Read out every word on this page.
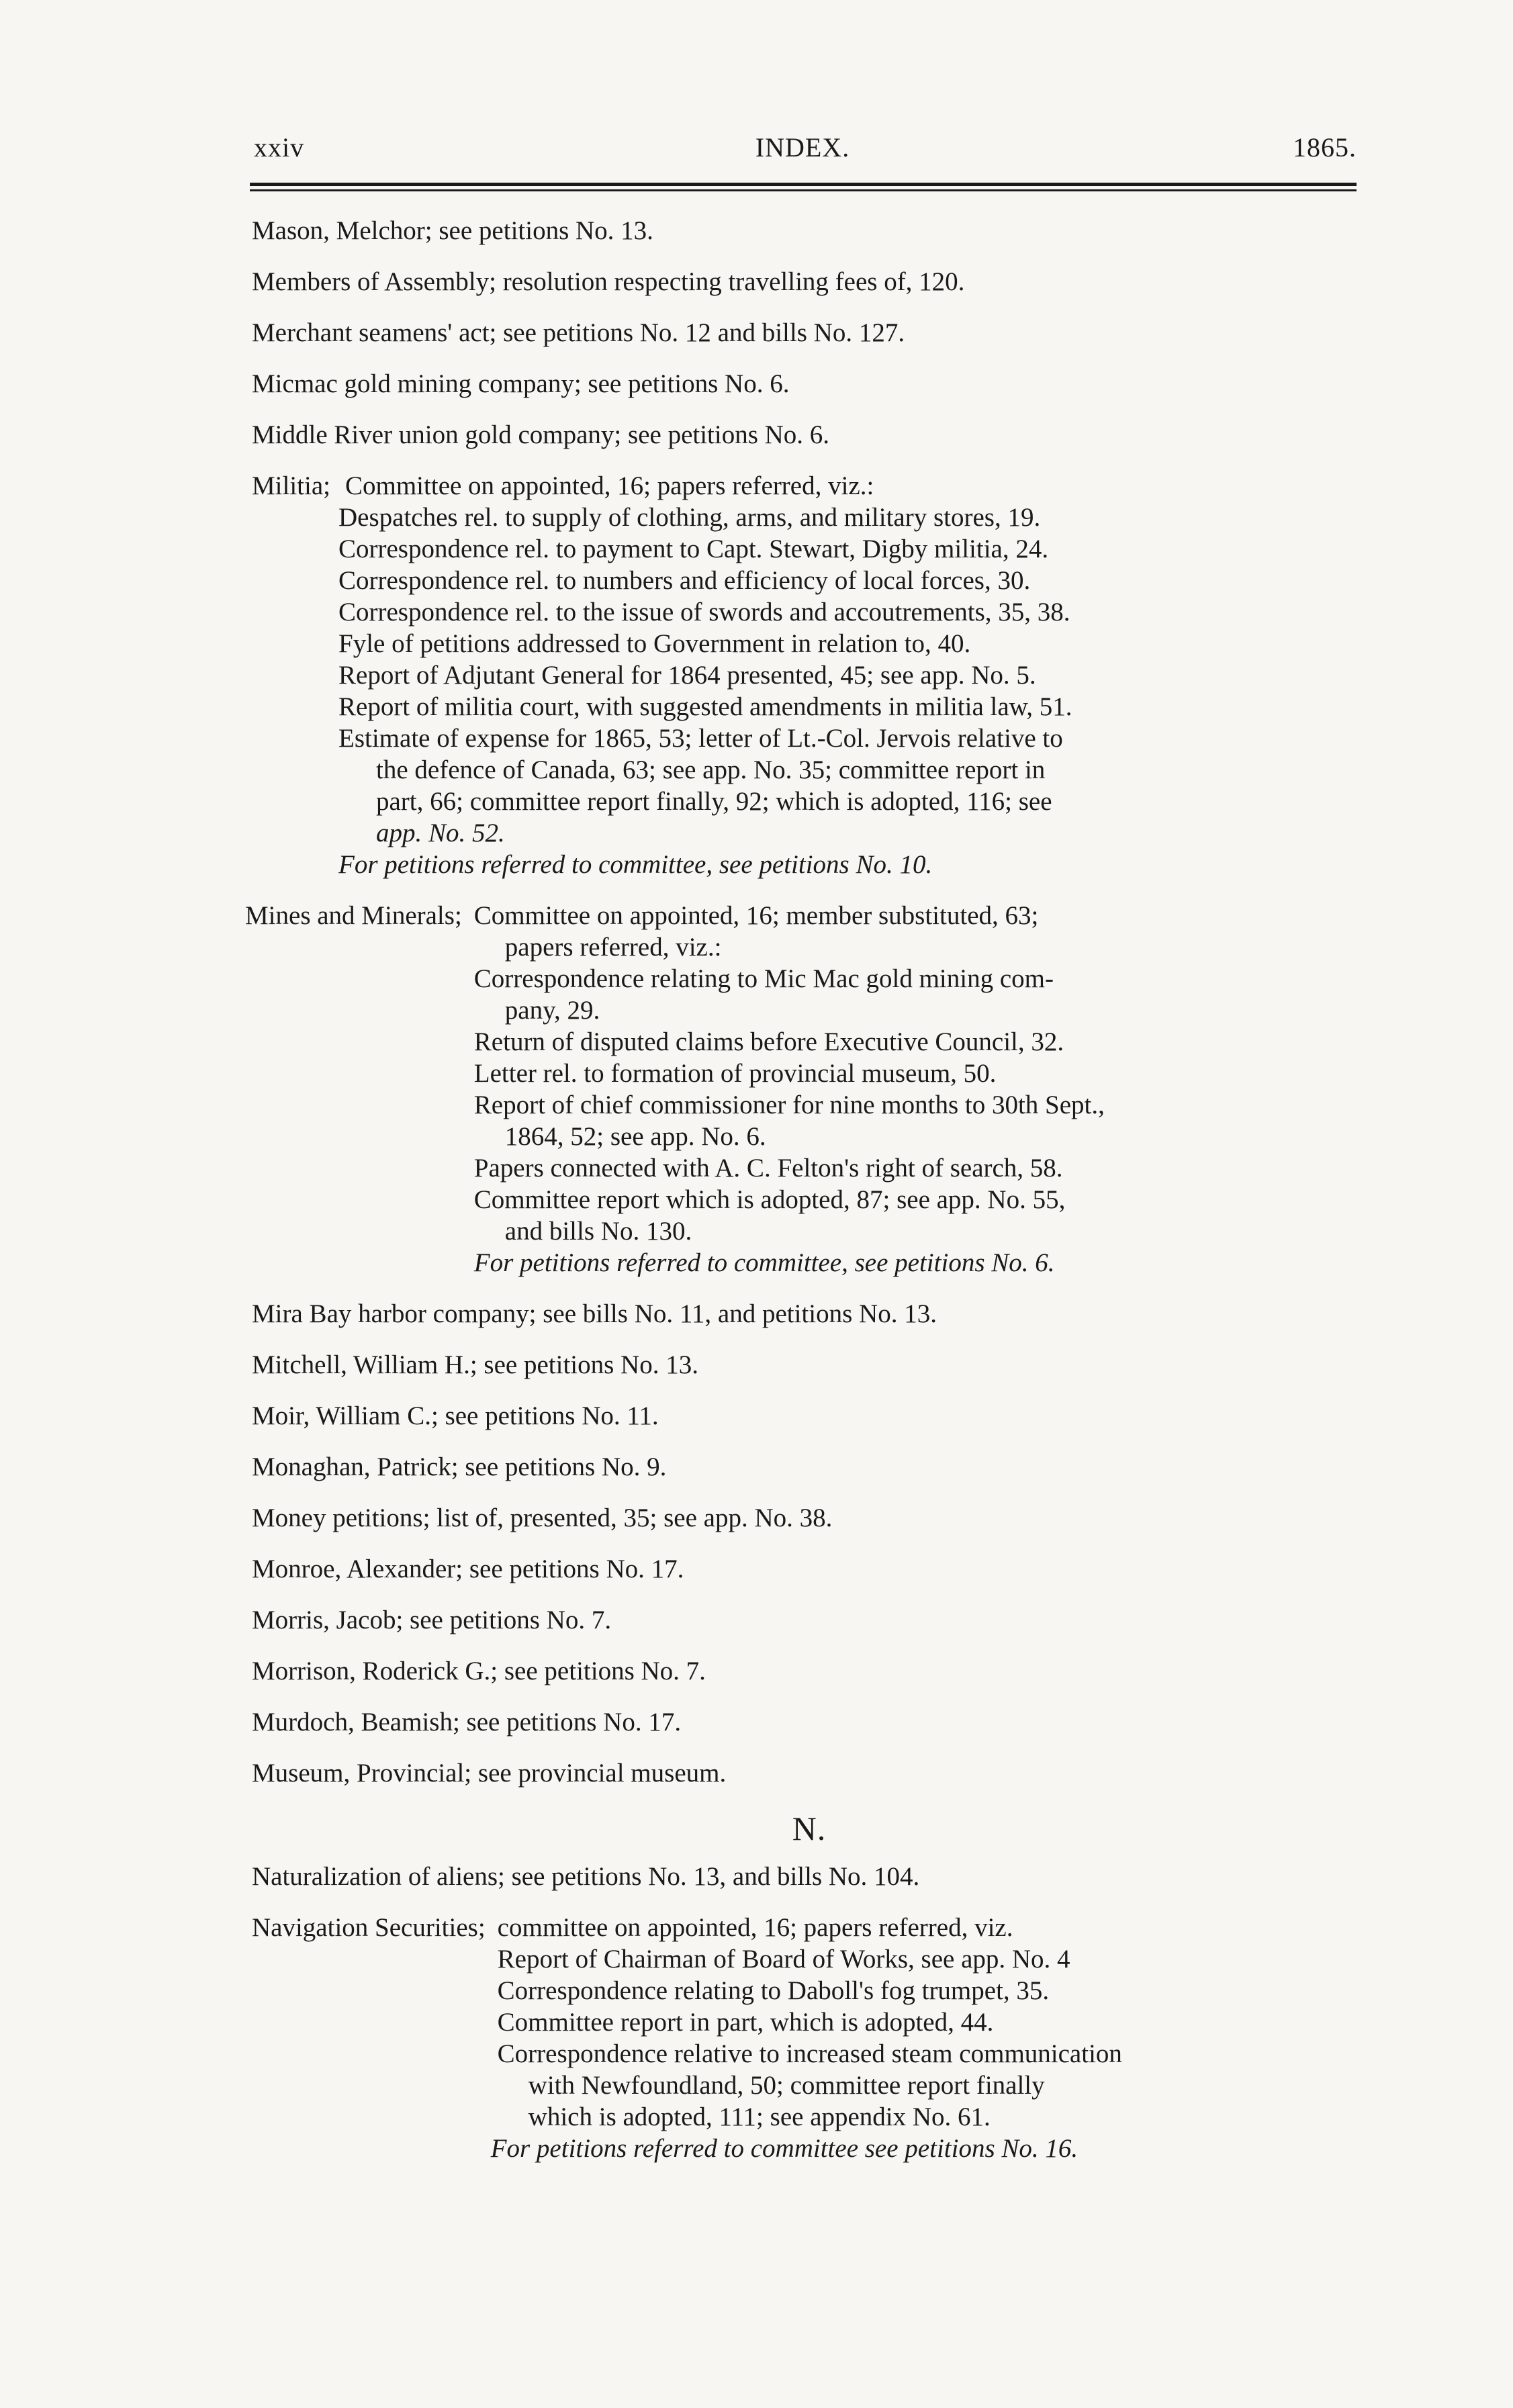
xxiv	INDEX.	1865.
Mason, Melchor; see petitions No. 13.
Members of Assembly; resolution respecting travelling fees of, 120.
Merchant seamens' act; see petitions No. 12 and bills No. 127.
Micmac gold mining company; see petitions No. 6.
Middle River union gold company; see petitions No. 6.
Militia; Committee on appointed, 16; papers referred, viz.:
Despatches rel. to supply of clothing, arms, and military stores, 19.
Correspondence rel. to payment to Capt. Stewart, Digby militia, 24.
Correspondence rel. to numbers and efficiency of local forces, 30.
Correspondence rel. to the issue of swords and accoutrements, 35, 38.
Fyle of petitions addressed to Government in relation to, 40.
Report of Adjutant General for 1864 presented, 45; see app. No. 5.
Report of militia court, with suggested amendments in militia law, 51.
Estimate of expense for 1865, 53; letter of Lt.-Col. Jervois relative to
the defence of Canada, 63; see app. No. 35; committee report in
part, 66; committee report finally, 92; which is adopted, 116; see
app. No. 52.
For petitions referred to committee, see petitions No. 10.
Mines and Minerals; Committee on appointed, 16; member substituted, 63;
papers referred, viz.:
Correspondence relating to Mic Mac gold mining com-
pany, 29.
Return of disputed claims before Executive Council, 32.
Letter rel. to formation of provincial museum, 50.
Report of chief commissioner for nine months to 30th Sept.,
1864, 52; see app. No. 6.
Papers connected with A. C. Felton's right of search, 58.
Committee report which is adopted, 87; see app. No. 55,
and bills No. 130.
For petitions referred to committee, see petitions No. 6.
Mira Bay harbor company; see bills No. 11, and petitions No. 13.
Mitchell, William H.; see petitions No. 13.
Moir, William C.; see petitions No. 11.
Monaghan, Patrick; see petitions No. 9.
Money petitions; list of, presented, 35; see app. No. 38.
Monroe, Alexander; see petitions No. 17.
Morris, Jacob; see petitions No. 7.
Morrison, Roderick G.; see petitions No. 7.
Murdoch, Beamish; see petitions No. 17.
Museum, Provincial; see provincial museum.
N.
Naturalization of aliens; see petitions No. 13, and bills No. 104.
Navigation Securities; committee on appointed, 16; papers referred, viz.
Report of Chairman of Board of Works, see app. No. 4
Correspondence relating to Daboll's fog trumpet, 35.
Committee report in part, which is adopted, 44.
Correspondence relative to increased steam communication
with Newfoundland, 50; committee report finally
which is adopted, 111; see appendix No. 61.
For petitions referred to committee see petitions No. 16.
